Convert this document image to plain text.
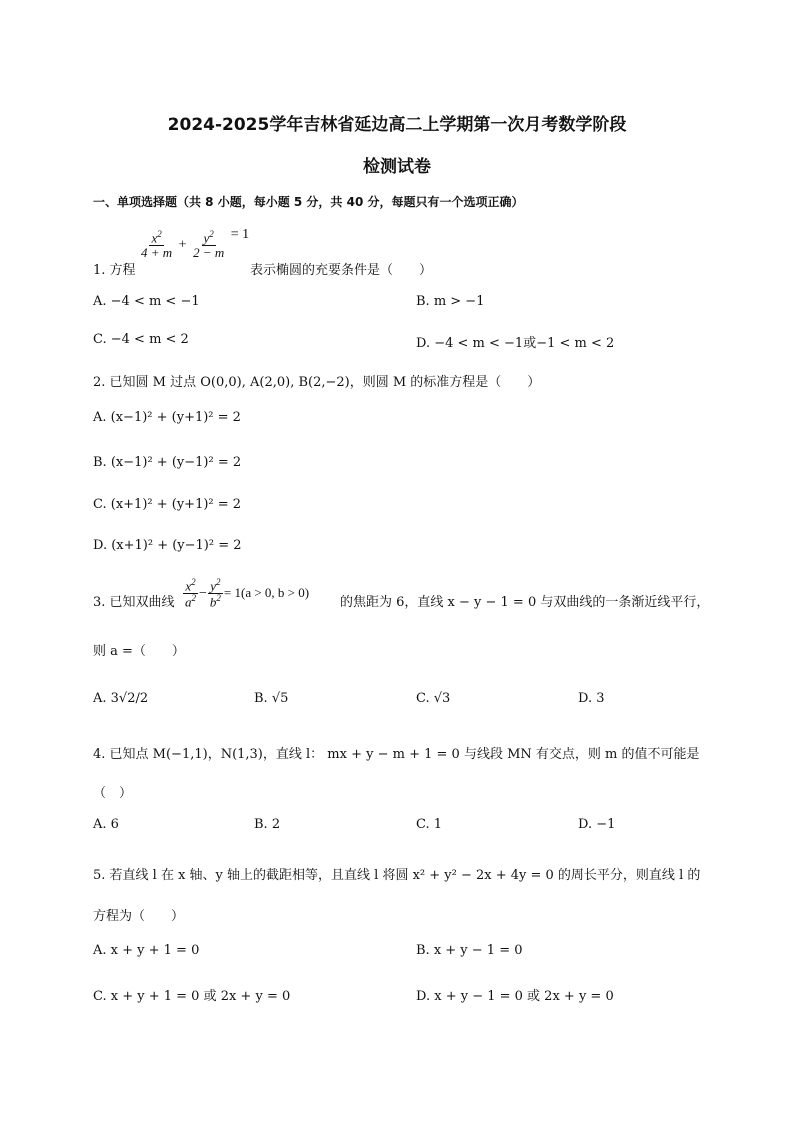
2024-2025学年吉林省延边高二上学期第一次月考数学阶段
检测试卷
一、单项选择题（共 8 小题，每小题 5 分，共 40 分，每题只有一个选项正确）
1. 方程
$\frac{x^2}{4 + m} + \frac{y^2}{2 - m} = 1$
表示椭圆的充要条件是（　　）
A. −4 < m < −1	B. m > −1
C. −4 < m < 2	D. −4 < m < −1或−1 < m < 2
2. 已知圆 M 过点 O(0,0), A(2,0), B(2,−2)，则圆 M 的标准方程是（　　）
A. (x−1)² + (y+1)² = 2
B. (x−1)² + (y−1)² = 2
C. (x+1)² + (y+1)² = 2
D. (x+1)² + (y−1)² = 2
3. 已知双曲线 $\frac{x^2}{a^2} - \frac{y^2}{b^2} = 1(a > 0$, b > 0)
的焦距为 6，直线 x − y − 1 = 0 与双曲线的一条渐近线平行，
则 a =（　　）
A. 3√2/2	B. √5	C. √3	D. 3
4. 已知点 M(−1,1)，N(1,3)，直线 l： mx + y − m + 1 = 0 与线段 MN 有交点，则 m 的值不可能是
（　）
A. 6	B. 2	C. 1	D. −1
5. 若直线 l 在 x 轴、y 轴上的截距相等，且直线 l 将圆 x² + y² − 2x + 4y = 0 的周长平分，则直线 l 的
方程为（　　）
A. x + y + 1 = 0	B. x + y − 1 = 0
C. x + y + 1 = 0 或 2x + y = 0	D. x + y − 1 = 0 或 2x + y = 0
